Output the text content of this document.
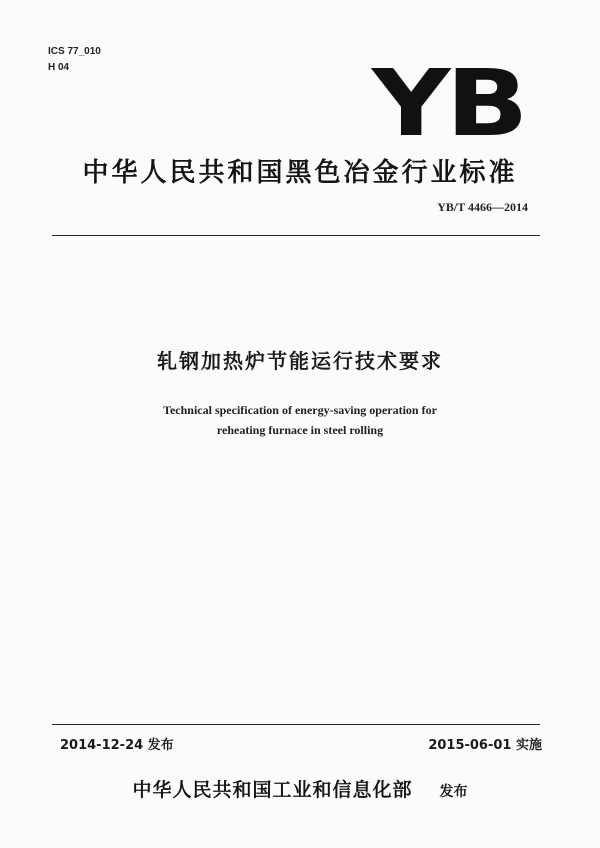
ICS 77_010
H 04	YB
中华人民共和国黑色冶金行业标准
YB/T 4466—2014
轧钢加热炉节能运行技术要求
Technical specification of energy-saving operation for
reheating furnace in steel rolling
2014-12-24 发布	2015-06-01 实施
中华人民共和国工业和信息化部 发布
